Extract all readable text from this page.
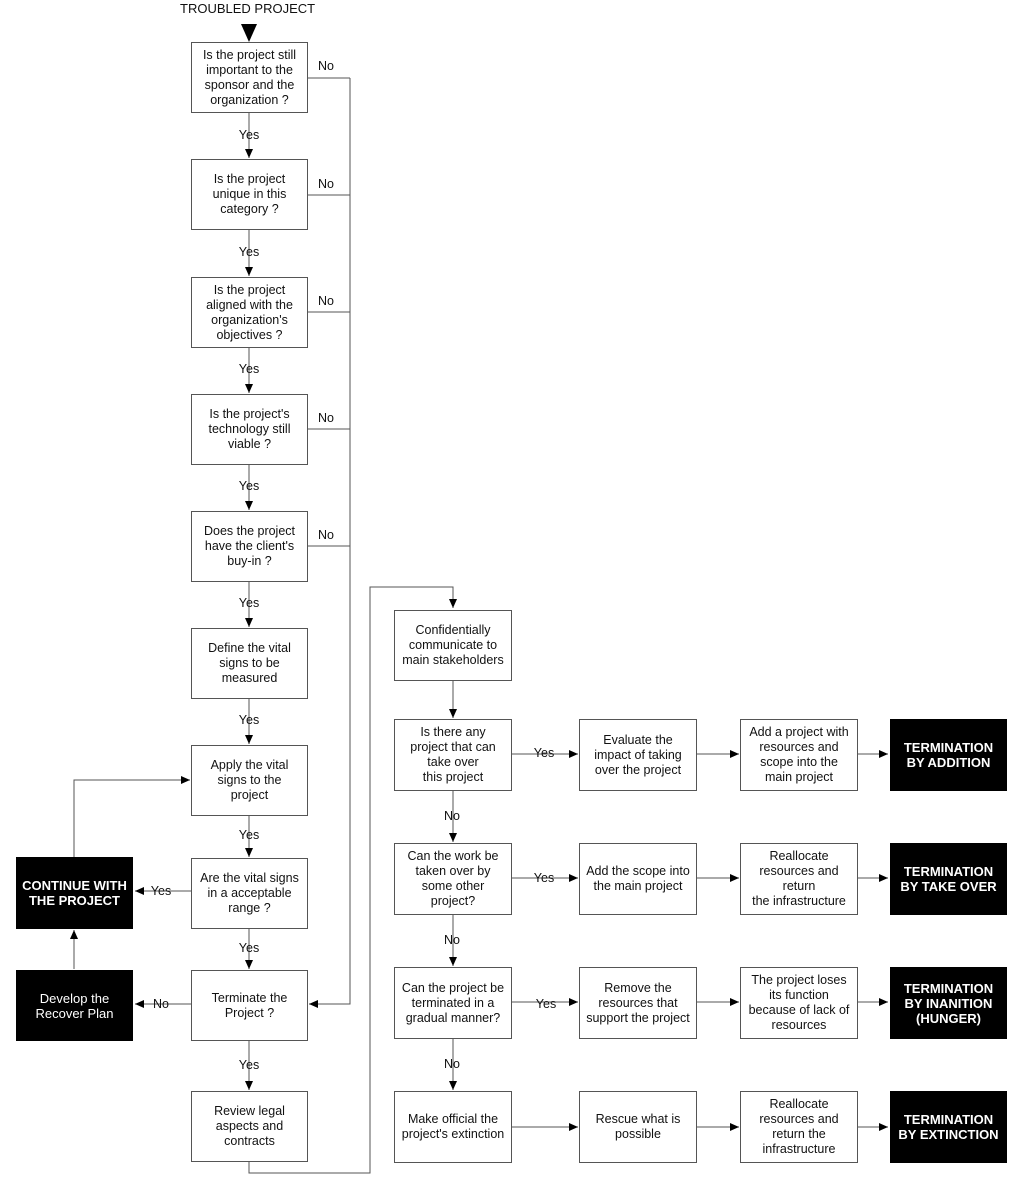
TROUBLED PROJECT
Is the project still
important to the
sponsor and the
organization ?
Is the project
unique in this
category ?
Is the project
aligned with the
organization's
objectives ?
Is the project's
technology still
viable ?
Does the project
have the client's
buy-in ?
Define the vital
signs to be
measured
Apply the vital
signs to the
project
Are the vital signs
in a acceptable
range ?
Terminate the
Project ?
Review legal
aspects and
contracts
CONTINUE WITH
THE PROJECT
Develop the
Recover Plan
Confidentially
communicate to
main stakeholders
Is there any
project that can
take over
this project
Can the work be
taken over by
some other
project?
Can the project be
terminated in a
gradual manner?
Make official the
project's extinction
Evaluate the
impact of taking
over the project
Add the scope into
the main project
Remove the
resources that
support the project
Rescue what is
possible
Add a project with
resources and
scope into the
main project
Reallocate
resources and
return
the infrastructure
The project loses
its function
because of lack of
resources
Reallocate
resources and
return the
infrastructure
TERMINATION
BY ADDITION
TERMINATION
BY TAKE OVER
TERMINATION
BY INANITION
(HUNGER)
TERMINATION
BY EXTINCTION
Yes
Yes
Yes
Yes
Yes
Yes
Yes
Yes
Yes
No
No
No
No
No
Yes
No
Yes
Yes
Yes
No
No
No
